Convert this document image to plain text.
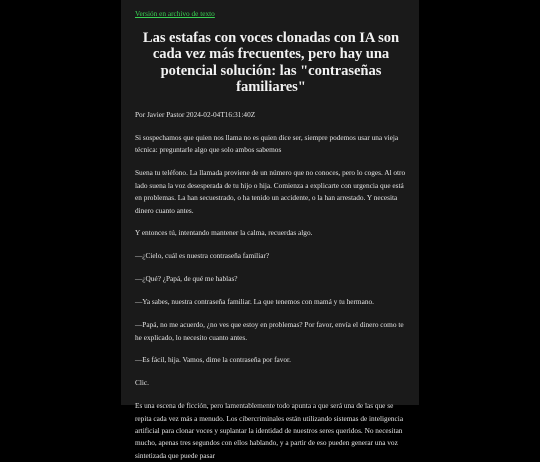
Versión en archivo de texto
Las estafas con voces clonadas con IA son cada vez más frecuentes, pero hay una potencial solución: las "contraseñas familiares"
Por Javier Pastor 2024-02-04T16:31:40Z

Si sospechamos que quien nos llama no es quien dice ser, siempre podemos usar una vieja técnica: preguntarle algo que solo ambos sabemos

Suena tu teléfono. La llamada proviene de un número que no conoces, pero lo coges. Al otro lado suena la voz desesperada de tu hijo o hija. Comienza a explicarte con urgencia que está en problemas. La han secuestrado, o ha tenido un accidente, o la han arrestado. Y necesita dinero cuanto antes.

Y entonces tú, intentando mantener la calma, recuerdas algo.

—¿Cielo, cuál es nuestra contraseña familiar?

—¿Qué? ¿Papá, de qué me hablas?

—Ya sabes, nuestra contraseña familiar. La que tenemos con mamá y tu hermano.

—Papá, no me acuerdo, ¿no ves que estoy en problemas? Por favor, envía el dinero como te he explicado, lo necesito cuanto antes.

—Es fácil, hija. Vamos, dime la contraseña por favor.

Clic.

Es una escena de ficción, pero lamentablemente todo apunta a que será una de las que se repita cada vez más a menudo. Los cibercriminales están utilizando sistemas de inteligencia artificial para clonar voces y suplantar la identidad de nuestros seres queridos. No necesitan mucho, apenas tres segundos con ellos hablando, y a partir de eso pueden generar una voz sintetizada que puede pasar
